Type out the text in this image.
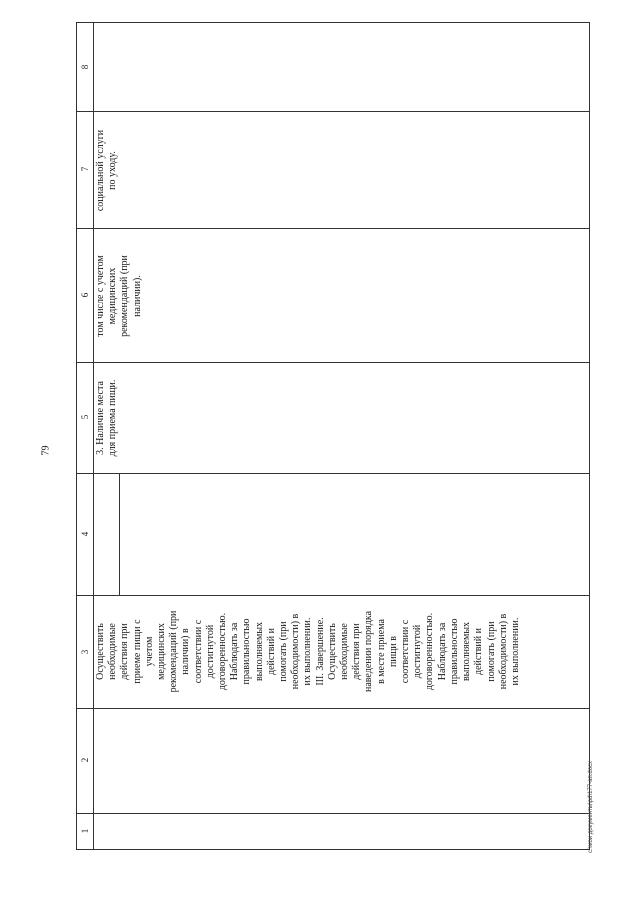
79
8
7
6
5
4
3
2
1
социальной услуги
по уходу.
том числе с учетом
медицинских
рекомендаций (при
наличии).
3. Наличие места
для приема пищи.
Осуществить
необходимые
действия при
приеме пищи с
учетом
медицинских
рекомендаций (при
наличии) в
соответствии с
достигнутой
договоренностью.
Наблюдать за
правильностью
выполняемых
действий и
помогать (при
необходимости) в
их выполнении.
III. Завершение.
Осуществить
необходимые
действия при
наведении порядка
в месте приема
пищи в
соответствии с
достигнутой
договоренностью.
Наблюдать за
правильностью
выполняемых
действий и
помогать (при
необходимости) в
их выполнении.
c:\мои документы\pd\177-ап.docx
